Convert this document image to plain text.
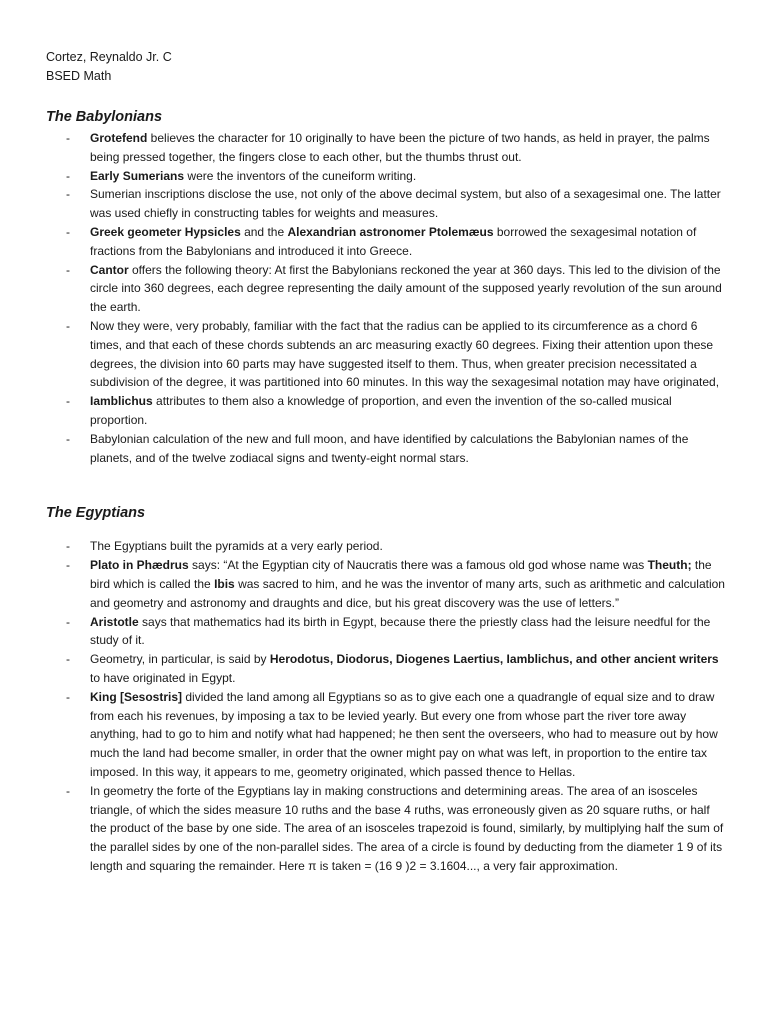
Cortez, Reynaldo Jr. C
BSED Math
The Babylonians
- Grotefend believes the character for 10 originally to have been the picture of two hands, as held in prayer, the palms being pressed together, the fingers close to each other, but the thumbs thrust out.
- Early Sumerians were the inventors of the cuneiform writing.
- Sumerian inscriptions disclose the use, not only of the above decimal system, but also of a sexagesimal one. The latter was used chiefly in constructing tables for weights and measures.
- Greek geometer Hypsicles and the Alexandrian astronomer Ptolemæus borrowed the sexagesimal notation of fractions from the Babylonians and introduced it into Greece.
- Cantor offers the following theory: At first the Babylonians reckoned the year at 360 days. This led to the division of the circle into 360 degrees, each degree representing the daily amount of the supposed yearly revolution of the sun around the earth.
- Now they were, very probably, familiar with the fact that the radius can be applied to its circumference as a chord 6 times, and that each of these chords subtends an arc measuring exactly 60 degrees. Fixing their attention upon these degrees, the division into 60 parts may have suggested itself to them. Thus, when greater precision necessitated a subdivision of the degree, it was partitioned into 60 minutes. In this way the sexagesimal notation may have originated,
- Iamblichus attributes to them also a knowledge of proportion, and even the invention of the so-called musical proportion.
- Babylonian calculation of the new and full moon, and have identified by calculations the Babylonian names of the planets, and of the twelve zodiacal signs and twenty-eight normal stars.
The Egyptians
- The Egyptians built the pyramids at a very early period.
- Plato in Phædrus says: “At the Egyptian city of Naucratis there was a famous old god whose name was Theuth; the bird which is called the Ibis was sacred to him, and he was the inventor of many arts, such as arithmetic and calculation and geometry and astronomy and draughts and dice, but his great discovery was the use of letters.”
- Aristotle says that mathematics had its birth in Egypt, because there the priestly class had the leisure needful for the study of it.
- Geometry, in particular, is said by Herodotus, Diodorus, Diogenes Laertius, Iamblichus, and other ancient writers to have originated in Egypt.
- King [Sesostris] divided the land among all Egyptians so as to give each one a quadrangle of equal size and to draw from each his revenues, by imposing a tax to be levied yearly. But every one from whose part the river tore away anything, had to go to him and notify what had happened; he then sent the overseers, who had to measure out by how much the land had become smaller, in order that the owner might pay on what was left, in proportion to the entire tax imposed. In this way, it appears to me, geometry originated, which passed thence to Hellas.
- In geometry the forte of the Egyptians lay in making constructions and determining areas. The area of an isosceles triangle, of which the sides measure 10 ruths and the base 4 ruths, was erroneously given as 20 square ruths, or half the product of the base by one side. The area of an isosceles trapezoid is found, similarly, by multiplying half the sum of the parallel sides by one of the non-parallel sides. The area of a circle is found by deducting from the diameter 1 9 of its length and squaring the remainder. Here π is taken = (16 9 )2 = 3.1604..., a very fair approximation.
